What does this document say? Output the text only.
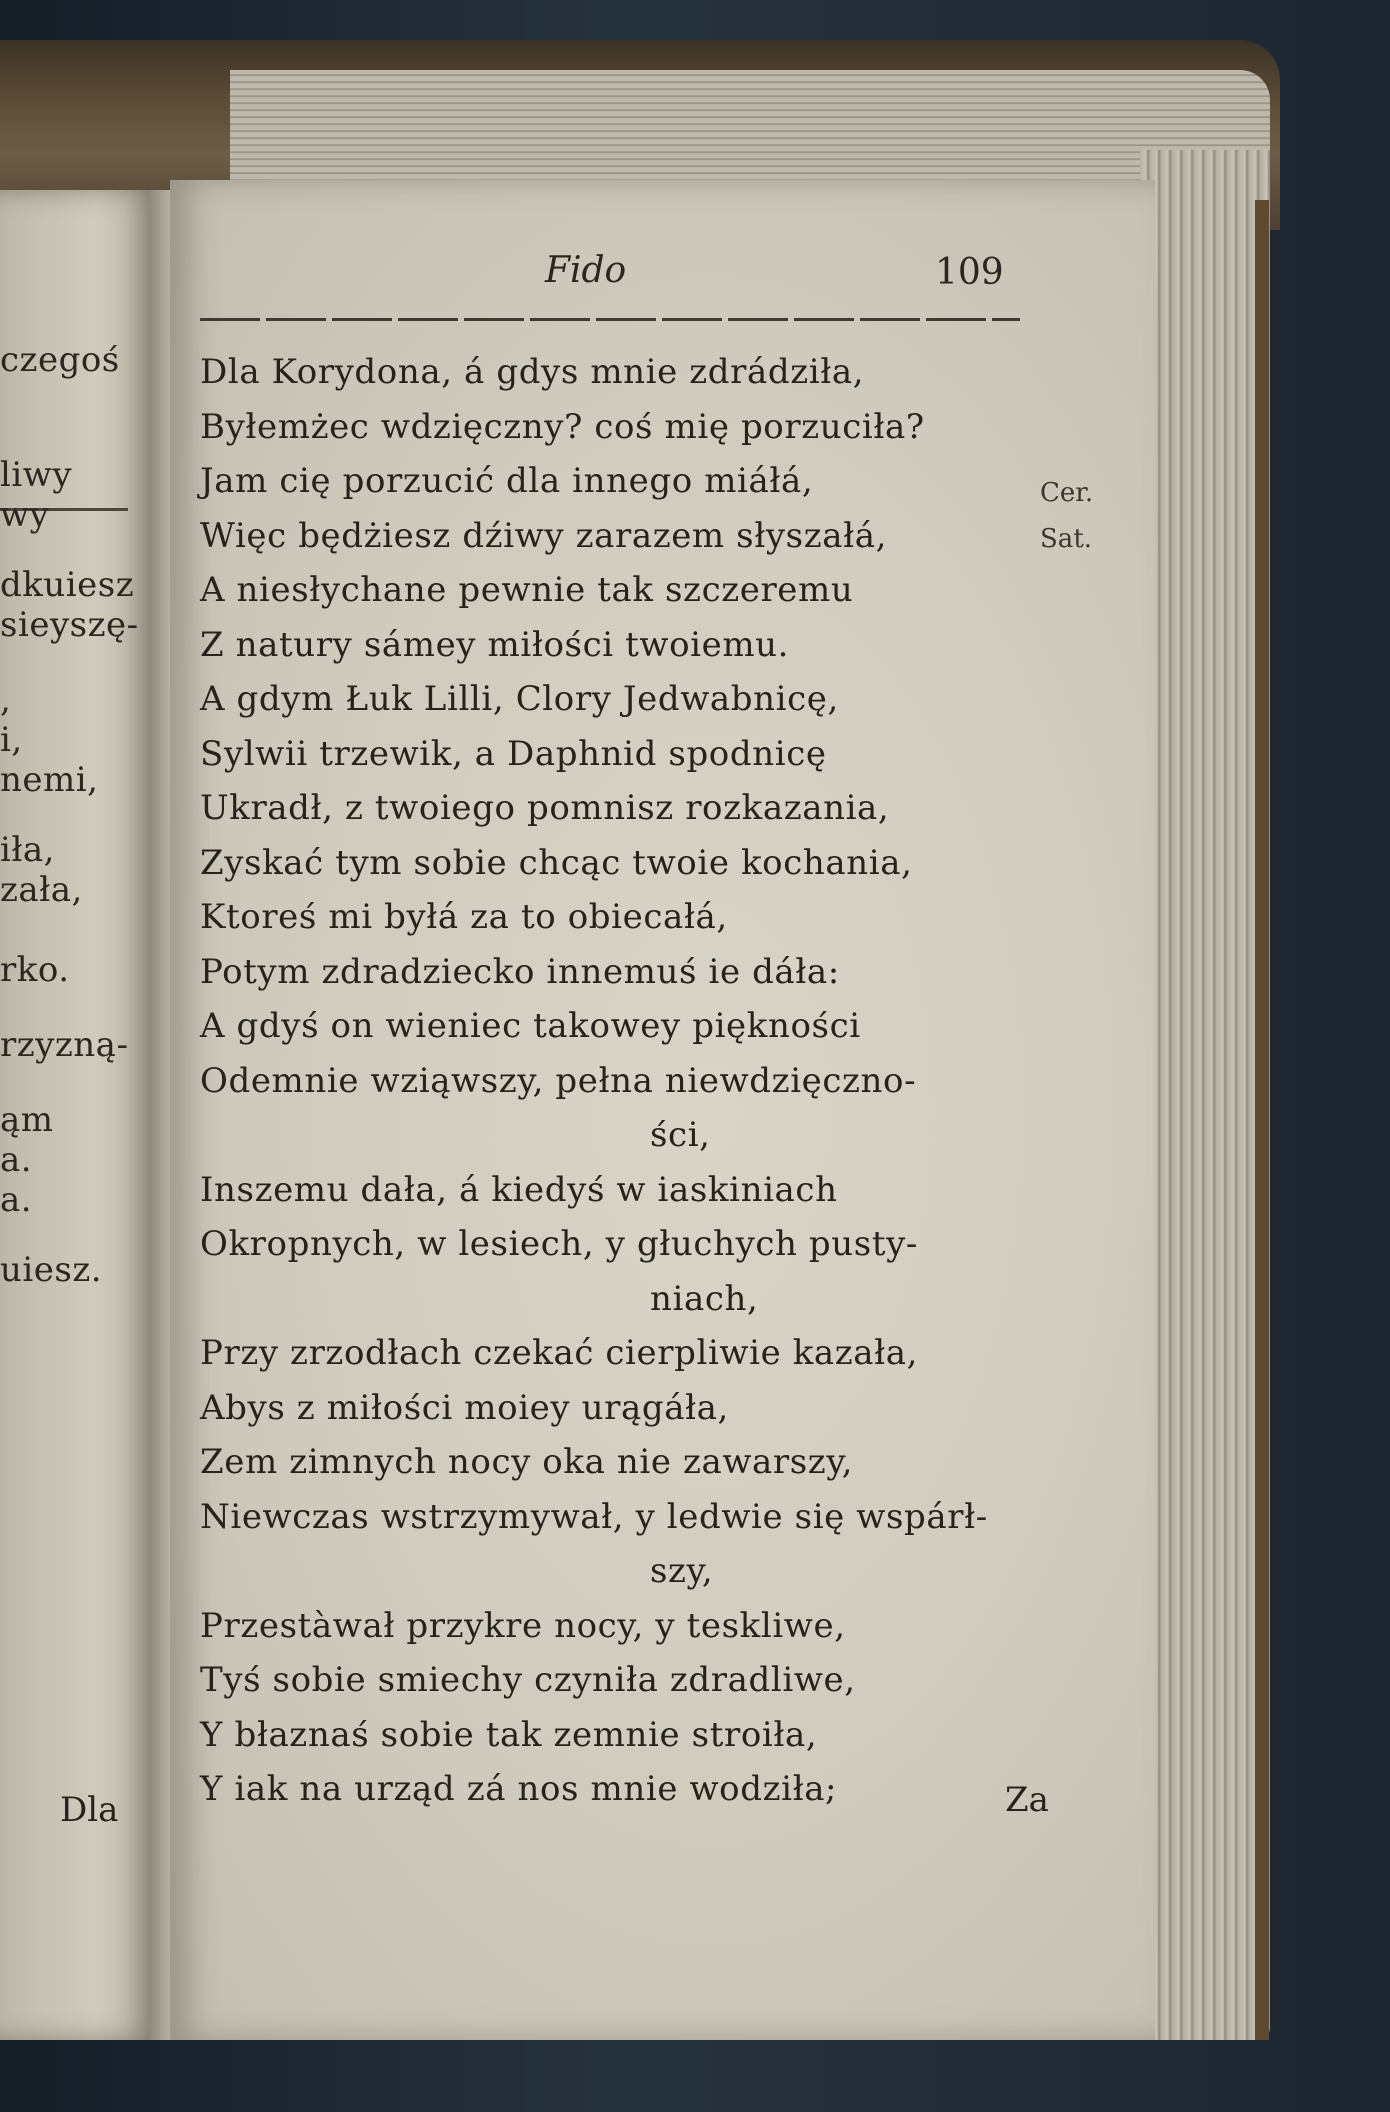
czegoś
liwy
wy
dkuiesz
sieyszę-
,
i,
nemi,
iła,
zała,
rko.
rzyzną-
ąm
a.
a.
uiesz.
Dla
Fido	109
Dla Korydona, á gdys mnie zdrádziła,
Byłemżec wdzięczny? coś mię porzuciła?
Jam cię porzucić dla innego miáłá,
Więc będżiesz dźiwy zarazem słyszałá,
A niesłychane pewnie tak szczeremu
Z natury sámey miłości twoiemu.
A gdym Łuk Lilli, Clory Jedwabnicę,
Sylwii trzewik, a Daphnid spodnicę
Ukradł, z twoiego pomnisz rozkazania,
Zyskać tym sobie chcąc twoie kochania,
Ktoreś mi byłá za to obiecałá,
Potym zdradziecko innemuś ie dáła:
A gdyś on wieniec takowey piękności
Odemnie wziąwszy, pełna niewdzięczno-
ści,
Inszemu dała, á kiedyś w iaskiniach
Okropnych, w lesiech, y głuchych pusty-
niach,
Przy zrzodłach czekać cierpliwie kazała,
Abys z miłości moiey urągáła,
Zem zimnych nocy oka nie zawarszy,
Niewczas wstrzymywał, y ledwie się wspárł-
szy,
Przestàwał przykre nocy, y teskliwe,
Tyś sobie smiechy czyniła zdradliwe,
Y błaznaś sobie tak zemnie stroiła,
Y iak na urząd zá nos mnie wodziła;
Cer.
Sat.
Za
